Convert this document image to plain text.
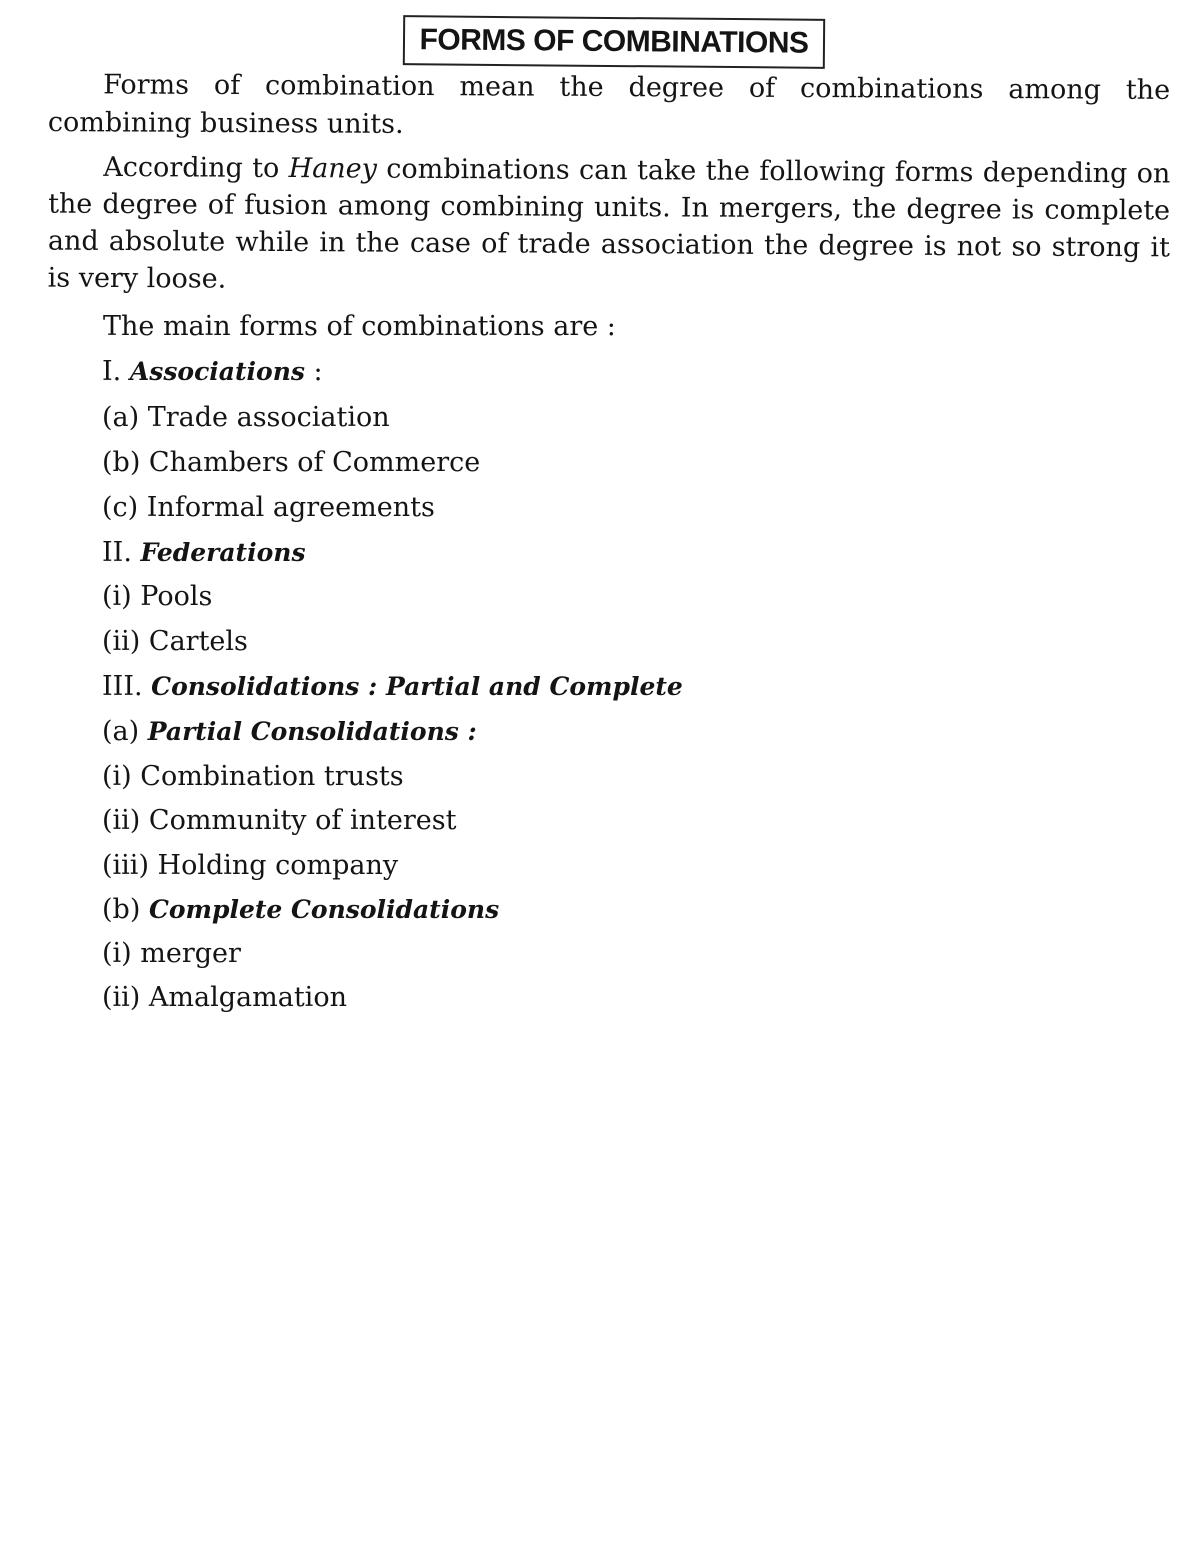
FORMS OF COMBINATIONS

Forms of combination mean the degree of combinations among the combining business units.

According to Haney combinations can take the following forms depending on the degree of fusion among combining units. In mergers, the degree is complete and absolute while in the case of trade association the degree is not so strong it is very loose.

The main forms of combinations are :

I. Associations :
(a) Trade association
(b) Chambers of Commerce
(c) Informal agreements
II. Federations
(i) Pools
(ii) Cartels
III. Consolidations : Partial and Complete
(a) Partial Consolidations :
(i) Combination trusts
(ii) Community of interest
(iii) Holding company
(b) Complete Consolidations
(i) merger
(ii) Amalgamation
